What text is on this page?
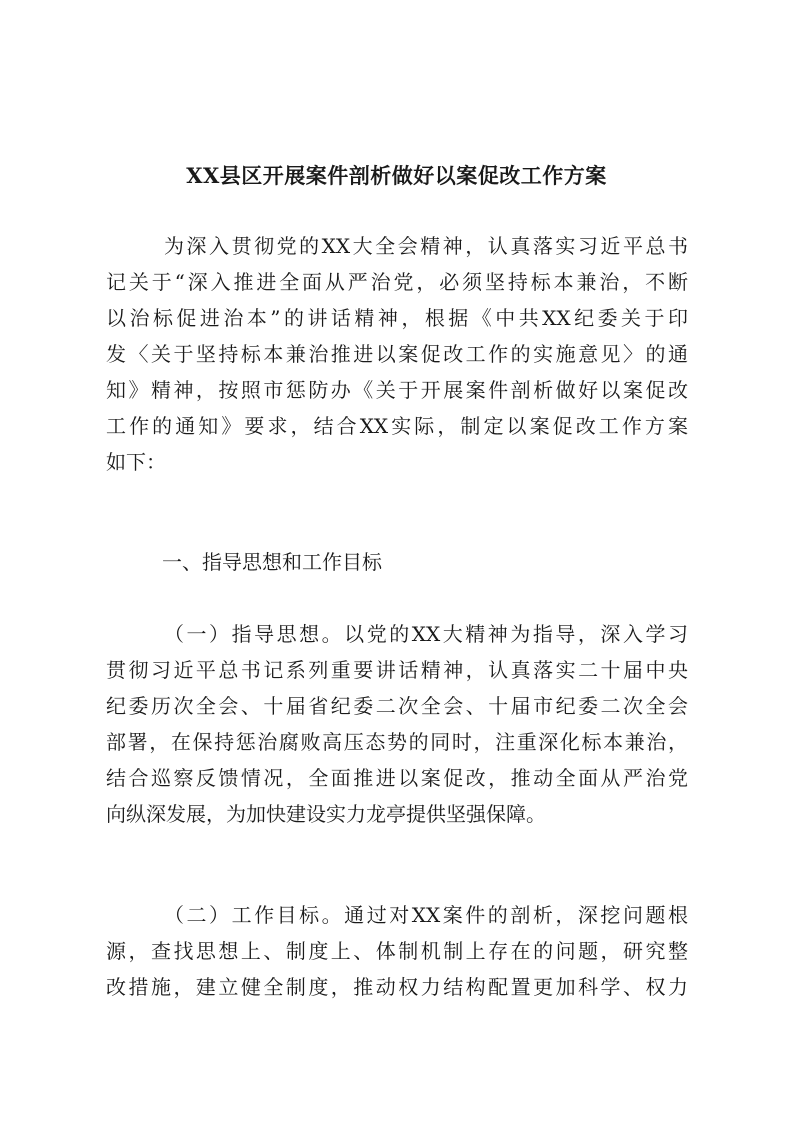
XX县区开展案件剖析做好以案促改工作方案
为深入贯彻党的XX大全会精神，认真落实习近平总书
记关于“深入推进全面从严治党，必须坚持标本兼治，不断
以治标促进治本”的讲话精神，根据《中共XX纪委关于印
发〈关于坚持标本兼治推进以案促改工作的实施意见〉的通
知》精神，按照市惩防办《关于开展案件剖析做好以案促改
工作的通知》要求，结合XX实际，制定以案促改工作方案
如下：
一、指导思想和工作目标
（一）指导思想。以党的XX大精神为指导，深入学习
贯彻习近平总书记系列重要讲话精神，认真落实二十届中央
纪委历次全会、十届省纪委二次全会、十届市纪委二次全会
部署，在保持惩治腐败高压态势的同时，注重深化标本兼治，
结合巡察反馈情况，全面推进以案促改，推动全面从严治党
向纵深发展，为加快建设实力龙亭提供坚强保障。
（二）工作目标。通过对XX案件的剖析，深挖问题根
源，查找思想上、制度上、体制机制上存在的问题，研究整
改措施，建立健全制度，推动权力结构配置更加科学、权力
